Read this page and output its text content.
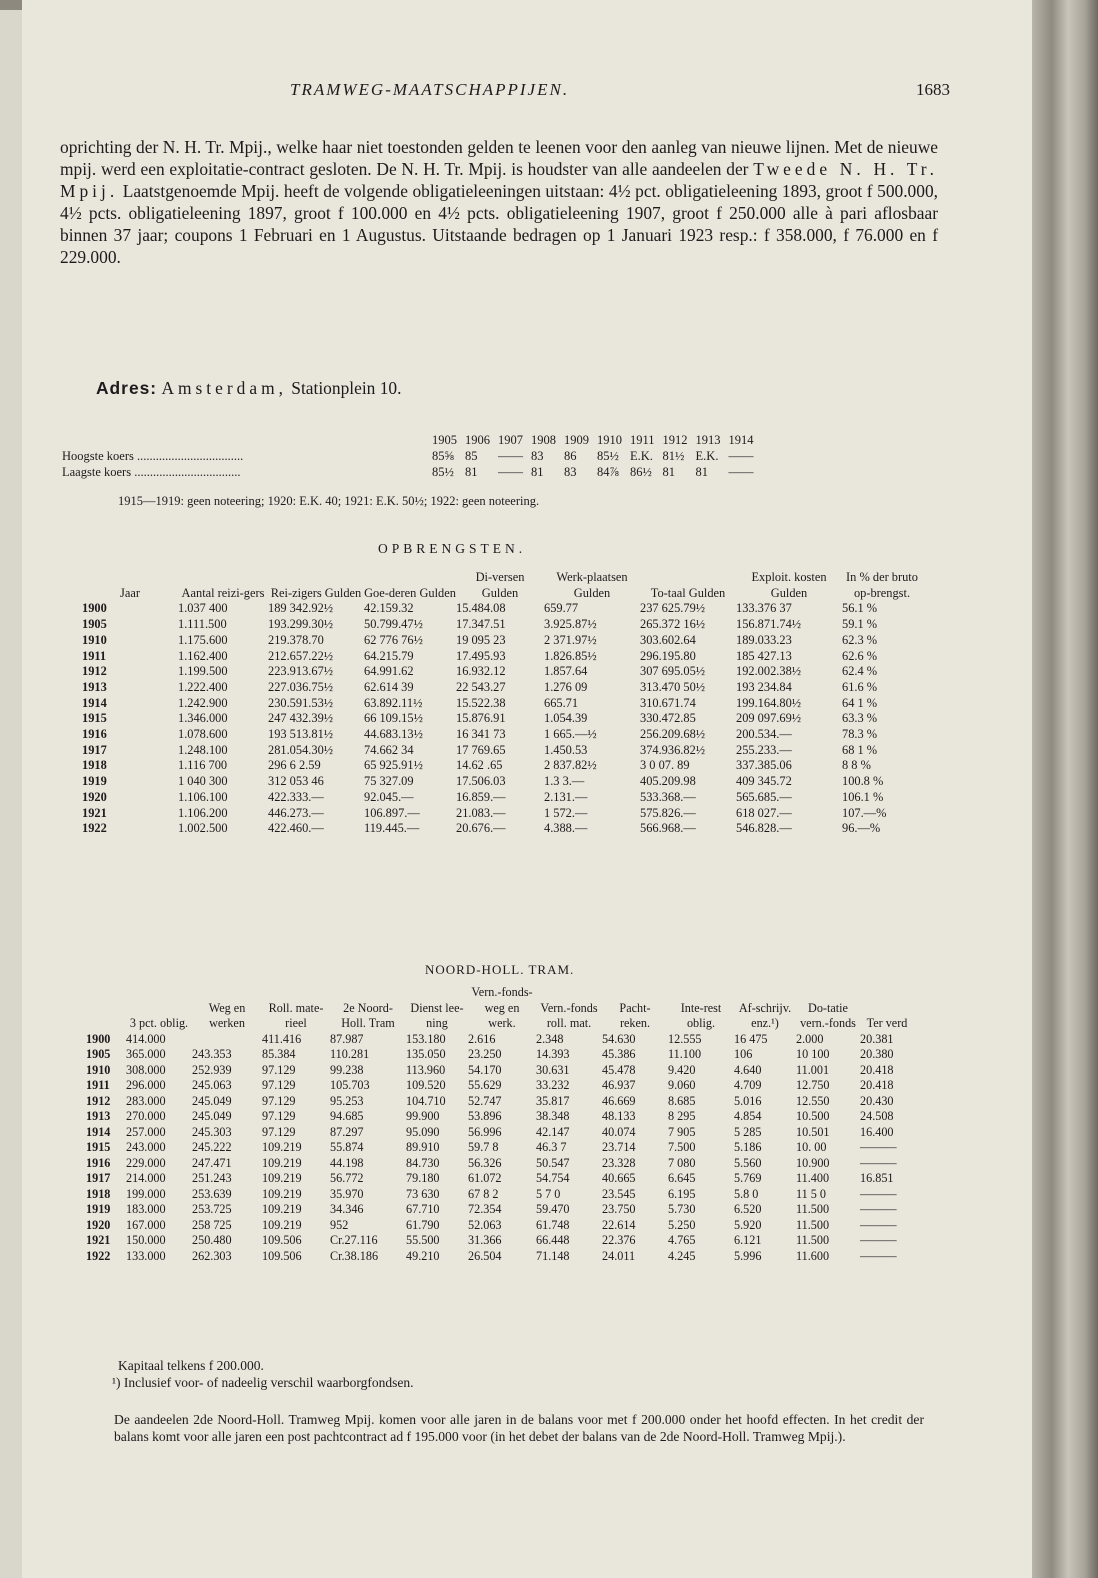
TRAMWEG-MAATSCHAPPIJEN.	1683

oprichting der N. H. Tr. Mpij., welke haar niet toestonden gelden te leenen voor den aanleg van nieuwe lijnen. Met de nieuwe mpij. werd een exploitatie-contract gesloten. De N. H. Tr. Mpij. is houdster van alle aandeelen der Tweede N. H. Tr. Mpij. Laatstgenoemde Mpij. heeft de volgende obligatieleeningen uitstaan: 4½ pct. obligatieleening 1893, groot f 500.000, 4½ pcts. obligatieleening 1897, groot f 100.000 en 4½ pcts. obligatieleening 1907, groot f 250.000 alle à pari aflosbaar binnen 37 jaar; coupons 1 Februari en 1 Augustus. Uitstaande bedragen op 1 Januari 1923 resp.: f 358.000, f 76.000 en f 229.000.

Adres: Amsterdam, Stationplein 10.
	1905	1906	1907	1908	1909	1910	1911	1912	1913	1914
Hoogste koers ..................................	85⅝	85	——	83	86	85½	E.K.	81½	E.K.	——
Laagste koers ..................................	85½	81	——	81	83	84⅞	86½	81	81	——
1915—1919: geen noteering; 1920: E.K. 40; 1921: E.K. 50½; 1922: geen noteering.
OPBRENGSTEN.
Jaar	Aantal reizi-gers	Rei-zigers Gulden	Goe-deren Gulden	Di-versen Gulden	Werk-plaatsen Gulden	To-taal Gulden	Exploit. kosten Gulden	In % der bruto op-brengst.
1900	1.037 400	189 342.92½	42.159.32	15.484.08	659.77	237 625.79½	133.376 37	56.1 %
1905	1.111.500	193.299.30½	50.799.47½	17.347.51	3.925.87½	265.372 16½	156.871.74½	59.1 %
1910	1.175.600	219.378.70	62 776 76½	19 095 23	2 371.97½	303.602.64	189.033.23	62.3 %
1911	1.162.400	212.657.22½	64.215.79	17.495.93	1.826.85½	296.195.80	185 427.13	62.6 %
1912	1.199.500	223.913.67½	64.991.62	16.932.12	1.857.64	307 695.05½	192.002.38½	62.4 %
1913	1.222.400	227.036.75½	62.614 39	22 543.27	1.276 09	313.470 50½	193 234.84	61.6 %
1914	1.242.900	230.591.53½	63.892.11½	15.522.38	665.71	310.671.74	199.164.80½	64 1 %
1915	1.346.000	247 432.39½	66 109.15½	15.876.91	1.054.39	330.472.85	209 097.69½	63.3 %
1916	1.078.600	193 513.81½	44.683.13½	16 341 73	1 665.—½	256.209.68½	200.534.—	78.3 %
1917	1.248.100	281.054.30½	74.662 34	17 769.65	1.450.53	374.936.82½	255.233.—	68 1 %
1918	1.116 700	296 6 2.59	65 925.91½	14.62 .65	2 837.82½	3 0 07. 89	337.385.06	8 8 %
1919	1 040 300	312 053 46	75 327.09	17.506.03	1.3 3.—	405.209.98	409 345.72	100.8 %
1920	1.106.100	422.333.—	92.045.—	16.859.—	2.131.—	533.368.—	565.685.—	106.1 %
1921	1.106.200	446.273.—	106.897.—	21.083.—	1 572.—	575.826.—	618 027.—	107.—%
1922	1.002.500	422.460.—	119.445.—	20.676.—	4.388.—	566.968.—	546.828.—	96.—%
NOORD-HOLL. TRAM.
	3 pct. oblig.	Weg en werken	Roll. mate-rieel	2e Noord-Holl. Tram	Dienst lee-ning	Vern.-fonds-weg en werk.	Vern.-fonds roll. mat.	Pacht-reken.	Inte-rest oblig.	Af-schrijv. enz.¹)	Do-tatie vern.-fonds	Ter verd
1900	414.000		411.416	87.987	153.180	2.616	2.348	54.630	12.555	16 475	2.000	20.381
1905	365.000	243.353	85.384	110.281	135.050	23.250	14.393	45.386	11.100	106	10 100	20.380
1910	308.000	252.939	97.129	99.238	113.960	54.170	30.631	45.478	9.420	4.640	11.001	20.418
1911	296.000	245.063	97.129	105.703	109.520	55.629	33.232	46.937	9.060	4.709	12.750	20.418
1912	283.000	245.049	97.129	95.253	104.710	52.747	35.817	46.669	8.685	5.016	12.550	20.430
1913	270.000	245.049	97.129	94.685	99.900	53.896	38.348	48.133	8 295	4.854	10.500	24.508
1914	257.000	245.303	97.129	87.297	95.090	56.996	42.147	40.074	7 905	5 285	10.501	16.400
1915	243.000	245.222	109.219	55.874	89.910	59.7 8	46.3 7	23.714	7.500	5.186	10. 00	———
1916	229.000	247.471	109.219	44.198	84.730	56.326	50.547	23.328	7 080	5.560	10.900	———
1917	214.000	251.243	109.219	56.772	79.180	61.072	54.754	40.665	6.645	5.769	11.400	16.851
1918	199.000	253.639	109.219	35.970	73 630	67 8 2	5 7 0	23.545	6.195	5.8 0	11 5 0	———
1919	183.000	253.725	109.219	34.346	67.710	72.354	59.470	23.750	5.730	6.520	11.500	———
1920	167.000	258 725	109.219	952	61.790	52.063	61.748	22.614	5.250	5.920	11.500	———
1921	150.000	250.480	109.506	Cr.27.116	55.500	31.366	66.448	22.376	4.765	6.121	11.500	———
1922	133.000	262.303	109.506	Cr.38.186	49.210	26.504	71.148	24.011	4.245	5.996	11.600	———
Kapitaal telkens f 200.000.
¹) Inclusief voor- of nadeelig verschil waarborgfondsen.

De aandeelen 2de Noord-Holl. Tramweg Mpij. komen voor alle jaren in de balans voor met f 200.000 onder het hoofd effecten. In het credit der balans komt voor alle jaren een post pachtcontract ad f 195.000 voor (in het debet der balans van de 2de Noord-Holl. Tramweg Mpij.).
